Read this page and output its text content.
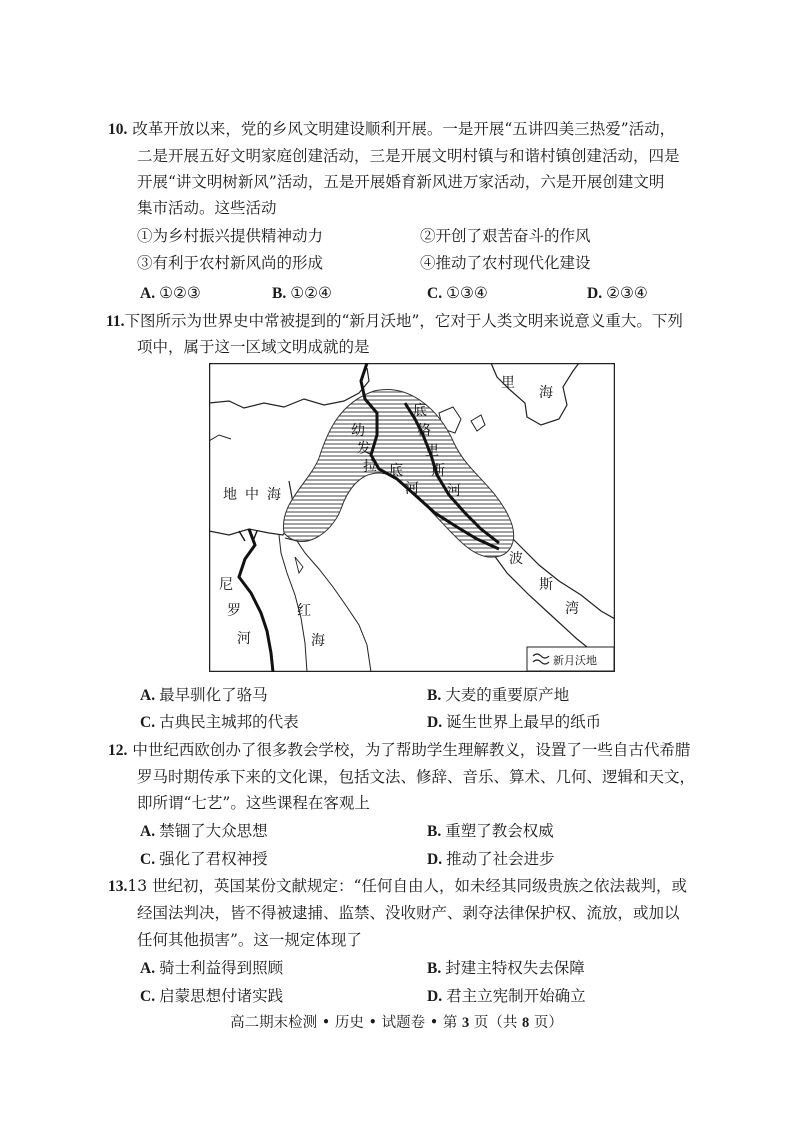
10. 改革开放以来，党的乡风文明建设顺利开展。一是开展“五讲四美三热爱”活动，
二是开展五好文明家庭创建活动，三是开展文明村镇与和谐村镇创建活动，四是
开展“讲文明树新风”活动，五是开展婚育新风进万家活动，六是开展创建文明
集市活动。这些活动
①为乡村振兴提供精神动力	②开创了艰苦奋斗的作风
③有利于农村新风尚的形成	④推动了农村现代化建设
A. ①②③	B. ①②④	C. ①③④	D. ②③④
11.下图所示为世界史中常被提到的“新月沃地”，它对于人类文明来说意义重大。下列
项中，属于这一区域文明成就的是
里
海
地 中 海
幼
发
拉 底
河
底
格
里
斯
河
波
斯
湾
尼
罗
河
红
海
新月沃地
A. 最早驯化了骆马	B. 大麦的重要原产地
C. 古典民主城邦的代表	D. 诞生世界上最早的纸币
12. 中世纪西欧创办了很多教会学校，为了帮助学生理解教义，设置了一些自古代希腊
罗马时期传承下来的文化课，包括文法、修辞、音乐、算术、几何、逻辑和天文，
即所谓“七艺”。这些课程在客观上
A. 禁锢了大众思想	B. 重塑了教会权威
C. 强化了君权神授	D. 推动了社会进步
13.13 世纪初，英国某份文献规定：“任何自由人，如未经其同级贵族之依法裁判，或
经国法判决，皆不得被逮捕、监禁、没收财产、剥夺法律保护权、流放，或加以
任何其他损害”。这一规定体现了
A. 骑士利益得到照顾	B. 封建主特权失去保障
C. 启蒙思想付诸实践	D. 君主立宪制开始确立
高二期末检测 • 历史 • 试题卷 • 第 3 页（共 8 页）
